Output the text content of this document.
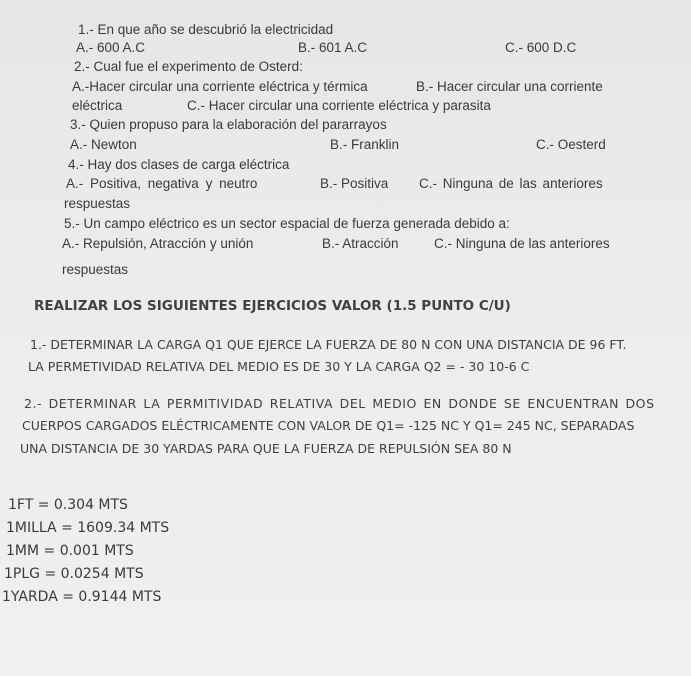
1.- En que año se descubrió la electricidad
A.- 600 A.C	B.- 601 A.C	C.- 600 D.C
2.- Cual fue el experimento de Osterd:
A.-Hacer circular una corriente eléctrica y térmica	B.- Hacer circular una corriente
eléctrica	C.- Hacer circular una corriente eléctrica y parasita
3.- Quien propuso para la elaboración del pararrayos
A.- Newton	B.- Franklin	C.- Oesterd
4.- Hay dos clases de carga eléctrica
A.- Positiva, negativa y neutro	B.- Positiva C.- Ninguna de las anteriores
respuestas
5.- Un campo eléctrico es un sector espacial de fuerza generada debido a:
A.- Repulsión, Atracción y unión	B.- Atracción	C.- Ninguna de las anteriores
respuestas
REALIZAR LOS SIGUIENTES EJERCICIOS VALOR (1.5 PUNTO C/U)
1.- DETERMINAR LA CARGA Q1 QUE EJERCE LA FUERZA DE 80 N CON UNA DISTANCIA DE 96 FT.
LA PERMETIVIDAD RELATIVA DEL MEDIO ES DE 30 Y LA CARGA Q2 = - 30 10-6 C
2.- DETERMINAR LA PERMITIVIDAD RELATIVA DEL MEDIO EN DONDE SE ENCUENTRAN DOS
CUERPOS CARGADOS ELÉCTRICAMENTE CON VALOR DE Q1= -125 NC Y Q1= 245 NC, SEPARADAS
UNA DISTANCIA DE 30 YARDAS PARA QUE LA FUERZA DE REPULSIÓN SEA 80 N
1FT = 0.304 MTS
1MILLA = 1609.34 MTS
1MM = 0.001 MTS
1PLG = 0.0254 MTS
1YARDA = 0.9144 MTS
